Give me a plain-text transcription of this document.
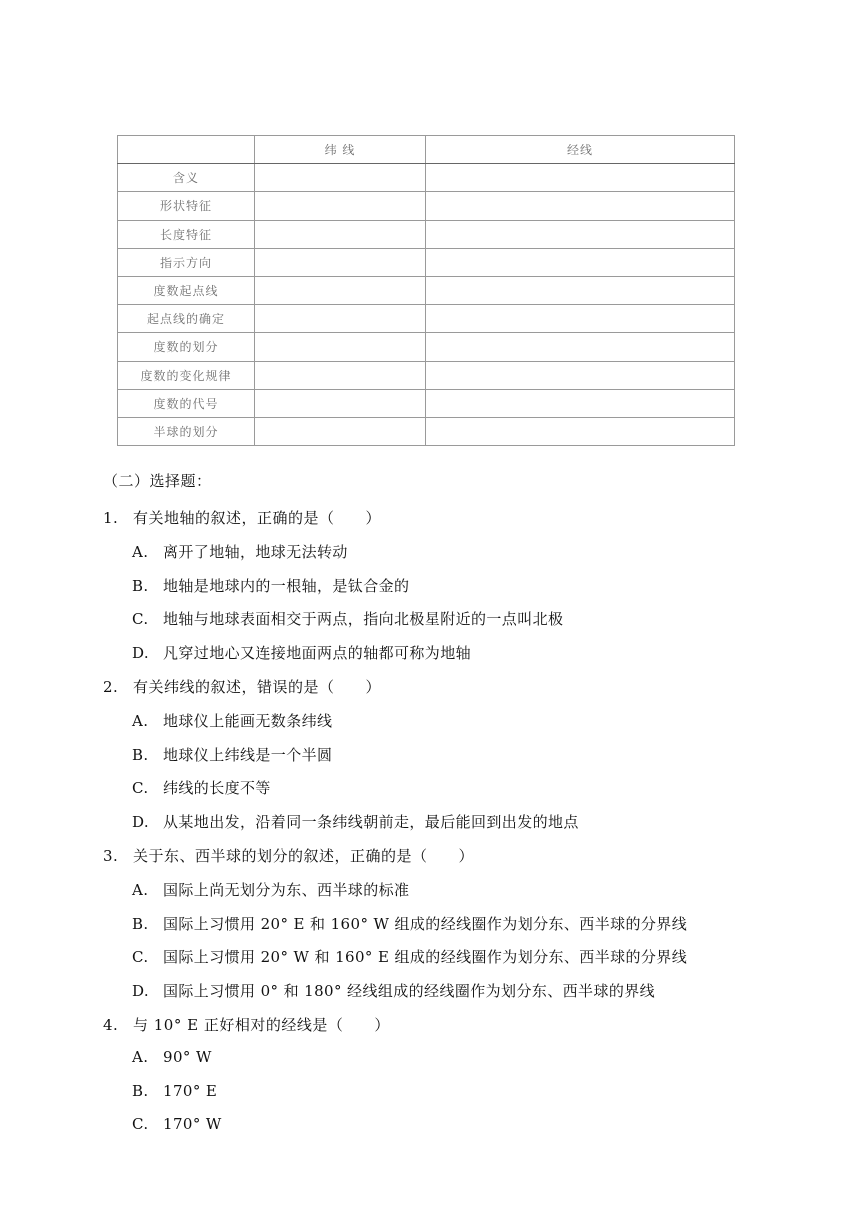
	纬 线	经线
含义		
形状特征		
长度特征		
指示方向		
度数起点线		
起点线的确定		
度数的划分		
度数的变化规律		
度数的代号		
半球的划分		
（二）选择题：
1. 有关地轴的叙述，正确的是（　　）
A. 离开了地轴，地球无法转动
B. 地轴是地球内的一根轴，是钛合金的
C. 地轴与地球表面相交于两点，指向北极星附近的一点叫北极
D. 凡穿过地心又连接地面两点的轴都可称为地轴
2. 有关纬线的叙述，错误的是（　　）
A. 地球仪上能画无数条纬线
B. 地球仪上纬线是一个半圆
C. 纬线的长度不等
D. 从某地出发，沿着同一条纬线朝前走，最后能回到出发的地点
3. 关于东、西半球的划分的叙述，正确的是（　　）
A. 国际上尚无划分为东、西半球的标准
B. 国际上习惯用 20° E 和 160° W 组成的经线圈作为划分东、西半球的分界线
C. 国际上习惯用 20° W 和 160° E 组成的经线圈作为划分东、西半球的分界线
D. 国际上习惯用 0° 和 180° 经线组成的经线圈作为划分东、西半球的界线
4. 与 10° E 正好相对的经线是（　　）
A. 90° W
B. 170° E
C. 170° W
